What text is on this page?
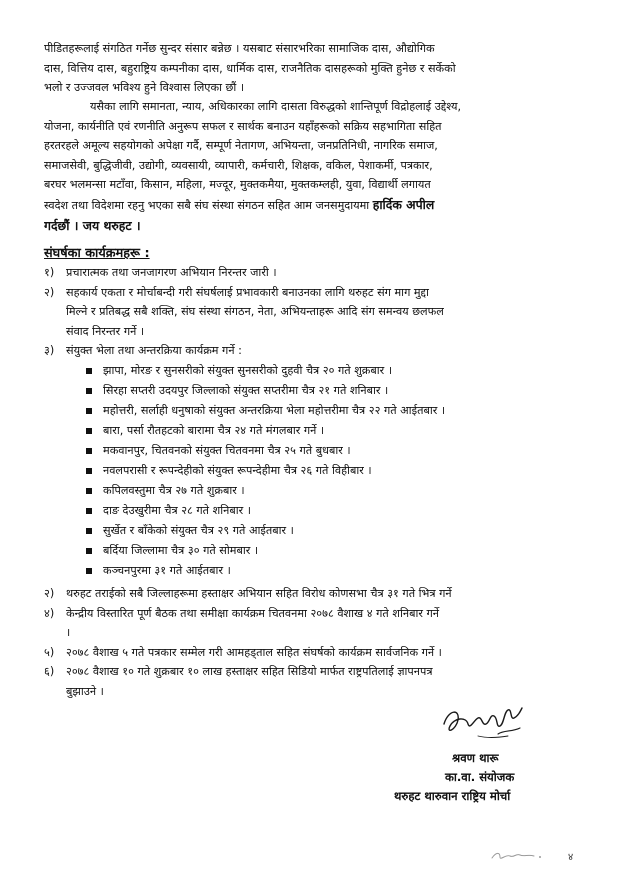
पीडितहरूलाई संगठित गर्नेछ सुन्दर संसार बन्नेछ । यसबाट संसारभरिका सामाजिक दास, औद्योगिक
दास, वित्तिय दास, बहुराष्ट्रिय कम्पनीका दास, धार्मिक दास, राजनैतिक दासहरूको मुक्ति हुनेछ र सर्केको
भलो र उज्जवल भविश्य हुने विश्वास लिएका छौं ।
यसैका लागि समानता, न्याय, अधिकारका लागि दासता विरुद्धको शान्तिपूर्ण विद्रोहलाई उद्देश्य,
योजना, कार्यनीति एवं रणनीति अनुरूप सफल र सार्थक बनाउन यहाँहरूको सक्रिय सहभागिता सहित
हरतरहले अमूल्य सहयोगको अपेक्षा गर्दै, सम्पूर्ण नेतागण, अभियन्ता, जनप्रतिनिधी, नागरिक समाज,
समाजसेवी, बुद्धिजीवी, उद्योगी, व्यवसायी, व्यापारी, कर्मचारी, शिक्षक, वकिल, पेशाकर्मी, पत्रकार,
बरघर भलमन्सा मटाँवा, किसान, महिला, मज्दूर, मुक्तकमैया, मुक्तकम्लही, युवा, विद्यार्थी लगायत
स्वदेश तथा विदेशमा रहनु भएका सबै संघ संस्था संगठन सहित आम जनसमुदायमा हार्दिक अपील
गर्दछौं । जय थरुहट ।
संघर्षका कार्यक्रमहरू :
१) प्रचारात्मक तथा जनजागरण अभियान निरन्तर जारी ।
२) सहकार्य एकता र मोर्चाबन्दी गरी संघर्षलाई प्रभावकारी बनाउनका लागि थरुहट संग माग मुद्दा
मिल्ने र प्रतिबद्ध सबै शक्ति, संघ संस्था संगठन, नेता, अभियन्ताहरू आदि संग समन्वय छलफल
संवाद निरन्तर गर्ने ।
३) संयुक्त भेला तथा अन्तरक्रिया कार्यक्रम गर्ने :
झापा, मोरङ र सुनसरीको संयुक्त सुनसरीको दुहवी चैत्र २० गते शुक्रबार ।
सिरहा सप्तरी उदयपुर जिल्लाको संयुक्त सप्तरीमा चैत्र २१ गते शनिबार ।
महोत्तरी, सर्लाही धनुषाको संयुक्त अन्तरक्रिया भेला महोत्तरीमा चैत्र २२ गते आईतबार ।
बारा, पर्सा रौतहटको बारामा चैत्र २४ गते मंगलबार गर्ने ।
मकवानपुर, चितवनको संयुक्त चितवनमा चैत्र २५ गते बुधबार ।
नवलपरासी र रूपन्देहीको संयुक्त रूपन्देहीमा चैत्र २६ गते विहीबार ।
कपिलवस्तुमा चैत्र २७ गते शुक्रबार ।
दाङ देउखुरीमा चैत्र २८ गते शनिबार ।
सुर्खेत र बाँकेको संयुक्त चैत्र २९ गते आईतबार ।
बर्दिया जिल्लामा चैत्र ३० गते सोमबार ।
कञ्चनपुरमा ३१ गते आईतबार ।
२) थरुहट तराईको सबै जिल्लाहरूमा हस्ताक्षर अभियान सहित विरोध कोणसभा चैत्र ३१ गते भित्र गर्ने
४) केन्द्रीय विस्तारित पूर्ण बैठक तथा समीक्षा कार्यक्रम चितवनमा २०७८ वैशाख ४ गते शनिबार गर्ने
।
५) २०७८ वैशाख ५ गते पत्रकार सम्मेल गरी आमहड्ताल सहित संघर्षको कार्यक्रम सार्वजनिक गर्ने ।
६) २०७८ वैशाख १० गते शुक्रबार १० लाख हस्ताक्षर सहित सिडियो मार्फत राष्ट्रपतिलाई ज्ञापनपत्र
बुझाउने ।
श्रवण थारू
का.वा. संयोजक
थरुहट थारुवान राष्ट्रिय मोर्चा
४
